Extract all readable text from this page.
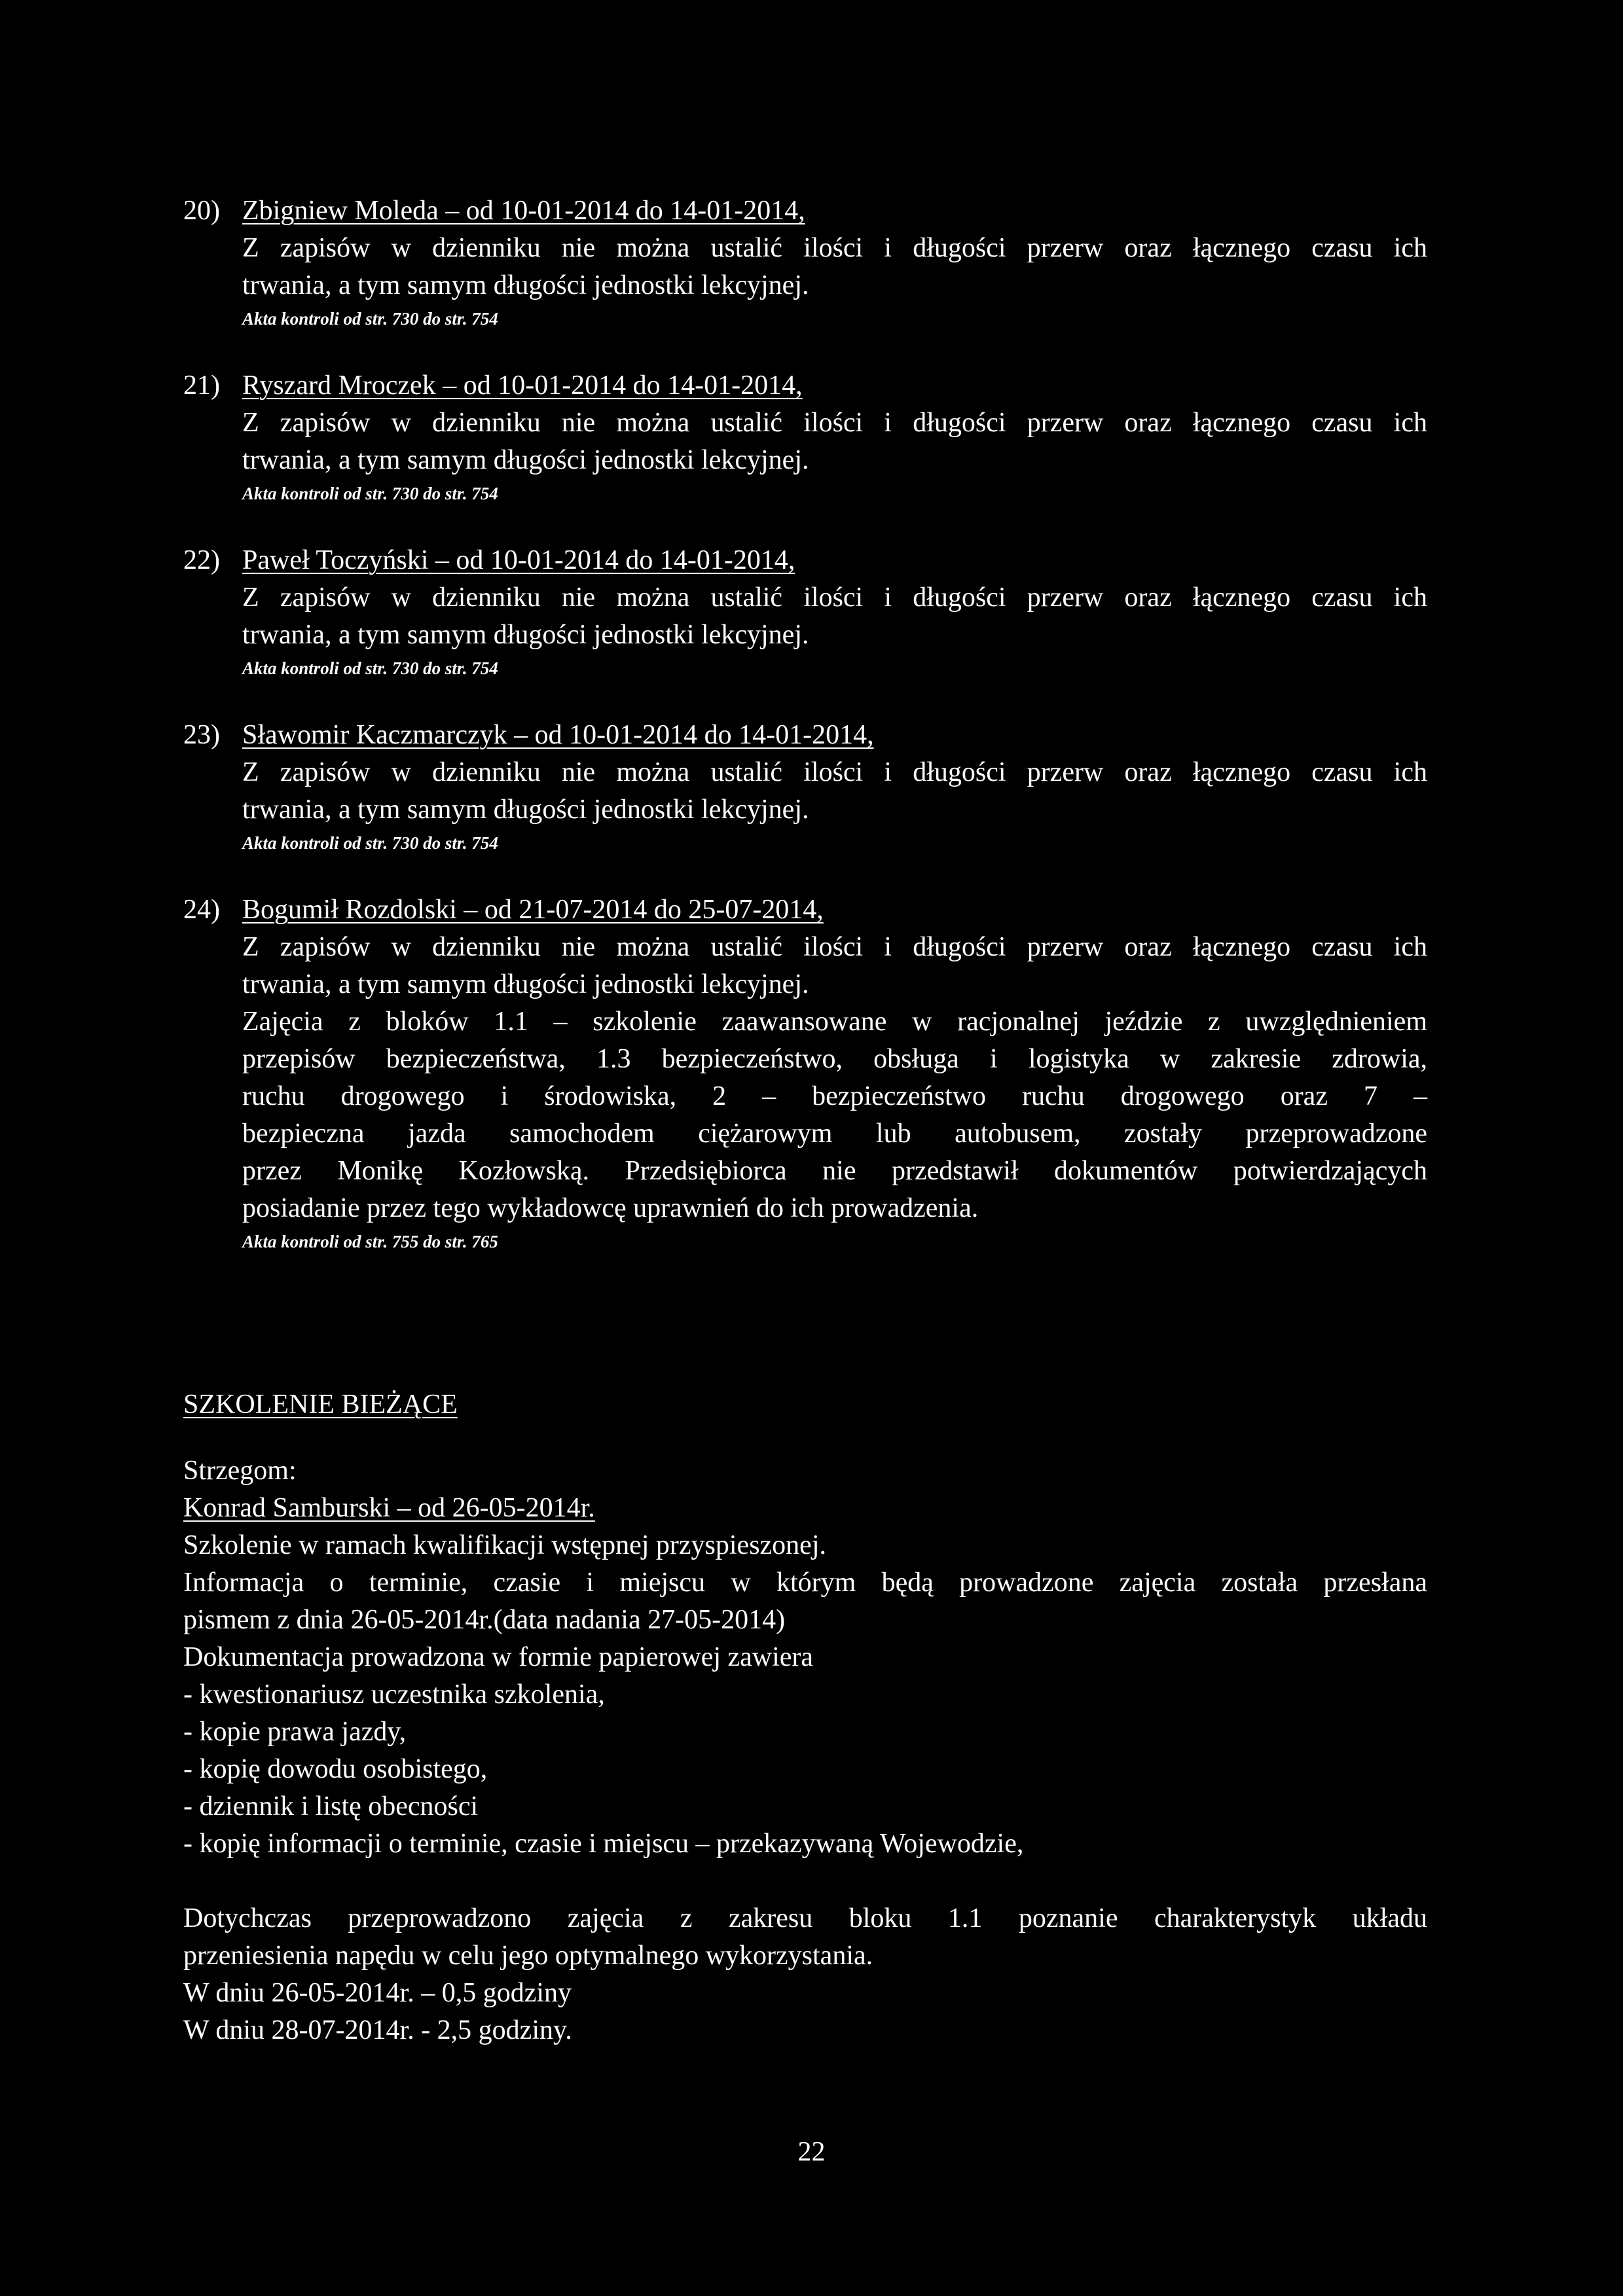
20) Zbigniew Moleda – od 10-01-2014 do 14-01-2014,
Z zapisów w dzienniku nie można ustalić ilości i długości przerw oraz łącznego czasu ich
trwania, a tym samym długości jednostki lekcyjnej.
Akta kontroli od str. 730 do str. 754
21) Ryszard Mroczek – od 10-01-2014 do 14-01-2014,
Z zapisów w dzienniku nie można ustalić ilości i długości przerw oraz łącznego czasu ich
trwania, a tym samym długości jednostki lekcyjnej.
Akta kontroli od str. 730 do str. 754
22) Paweł Toczyński – od 10-01-2014 do 14-01-2014,
Z zapisów w dzienniku nie można ustalić ilości i długości przerw oraz łącznego czasu ich
trwania, a tym samym długości jednostki lekcyjnej.
Akta kontroli od str. 730 do str. 754
23) Sławomir Kaczmarczyk – od 10-01-2014 do 14-01-2014,
Z zapisów w dzienniku nie można ustalić ilości i długości przerw oraz łącznego czasu ich
trwania, a tym samym długości jednostki lekcyjnej.
Akta kontroli od str. 730 do str. 754
24) Bogumił Rozdolski – od 21-07-2014 do 25-07-2014,
Z zapisów w dzienniku nie można ustalić ilości i długości przerw oraz łącznego czasu ich
trwania, a tym samym długości jednostki lekcyjnej.
Zajęcia z bloków 1.1 – szkolenie zaawansowane w racjonalnej jeździe z uwzględnieniem
przepisów bezpieczeństwa, 1.3 bezpieczeństwo, obsługa i logistyka w zakresie zdrowia,
ruchu drogowego i środowiska, 2 – bezpieczeństwo ruchu drogowego oraz 7 –
bezpieczna jazda samochodem ciężarowym lub autobusem, zostały przeprowadzone
przez Monikę Kozłowską. Przedsiębiorca nie przedstawił dokumentów potwierdzających
posiadanie przez tego wykładowcę uprawnień do ich prowadzenia.
Akta kontroli od str. 755 do str. 765
SZKOLENIE BIEŻĄCE
Strzegom:
Konrad Samburski – od 26-05-2014r.
Szkolenie w ramach kwalifikacji wstępnej przyspieszonej.
Informacja o terminie, czasie i miejscu w którym będą prowadzone zajęcia została przesłana
pismem z dnia 26-05-2014r.(data nadania 27-05-2014)
Dokumentacja prowadzona w formie papierowej zawiera
- kwestionariusz uczestnika szkolenia,
- kopie prawa jazdy,
- kopię dowodu osobistego,
- dziennik i listę obecności
- kopię informacji o terminie, czasie i miejscu – przekazywaną Wojewodzie,
Dotychczas przeprowadzono zajęcia z zakresu bloku 1.1 poznanie charakterystyk układu
przeniesienia napędu w celu jego optymalnego wykorzystania.
W dniu 26-05-2014r. – 0,5 godziny
W dniu 28-07-2014r. - 2,5 godziny.
22
